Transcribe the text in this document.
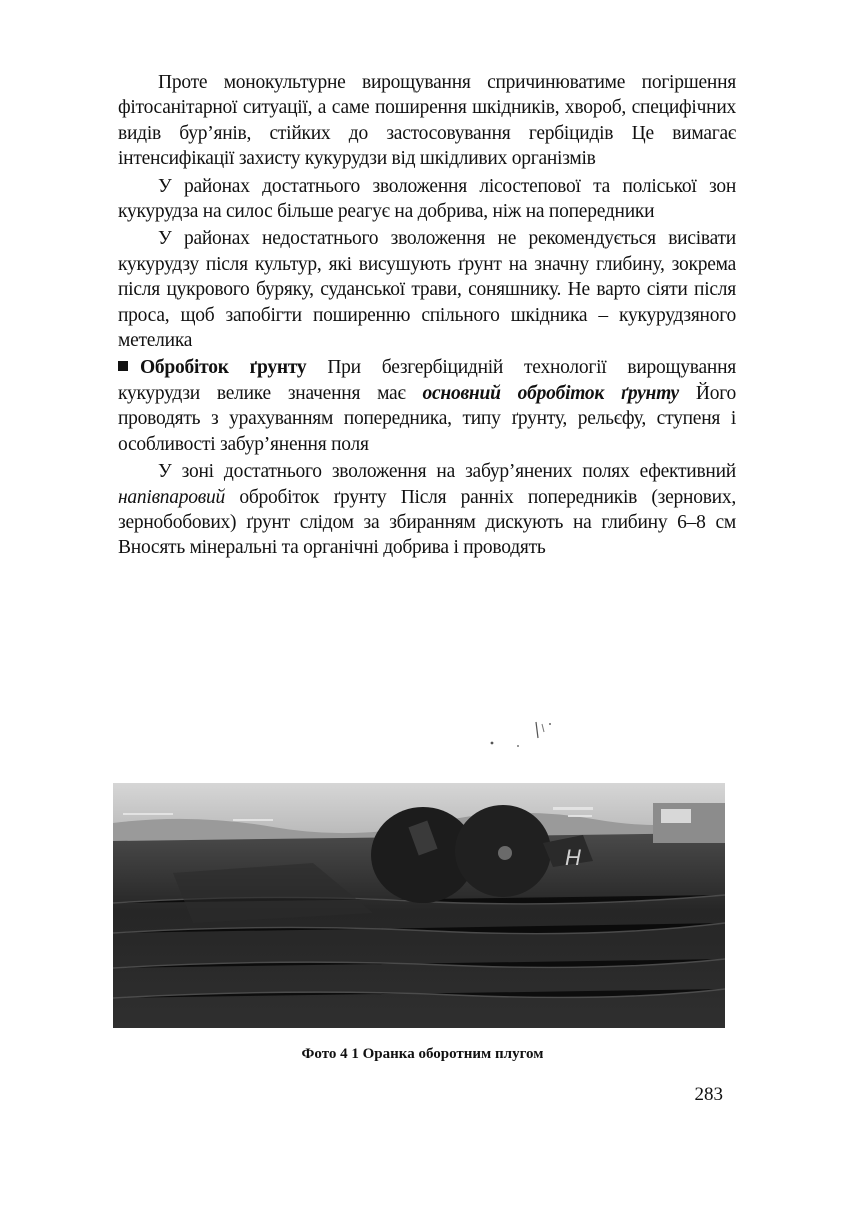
Проте монокультурне вирощування спричинюватиме погіршення фітосанітарної ситуації, а саме поширення шкідників, хвороб, специфічних видів бур’янів, стійких до застосовування гербіцидів Це вимагає інтенсифікації захисту кукурудзи від шкідливих організмів

У районах достатнього зволоження лісостепової та поліської зон кукурудза на силос більше реагує на добрива, ніж на попередники

У районах недостатнього зволоження не рекомендується висівати кукурудзу після культур, які висушують ґрунт на значну глибину, зокрема після цукрового буряку, суданської трави, соняшнику. Не варто сіяти після проса, щоб запобігти поширенню спільного шкідника – кукурудзяного метелика

Обробіток ґрунту При безгербіцидній технології вирощування кукурудзи велике значення має основний обробіток ґрунту Його проводять з урахуванням попередника, типу ґрунту, рельєфу, ступеня і особливості забур’янення поля

У зоні достатнього зволоження на забур’янених полях ефективний напівпаровий обробіток ґрунту Після ранніх попередників (зернових, зернобобових) ґрунт слідом за збиранням дискують на глибину 6–8 см Вносять мінеральні та органічні добрива і проводять

H
Фото 4 1 Оранка оборотним плугом
283
